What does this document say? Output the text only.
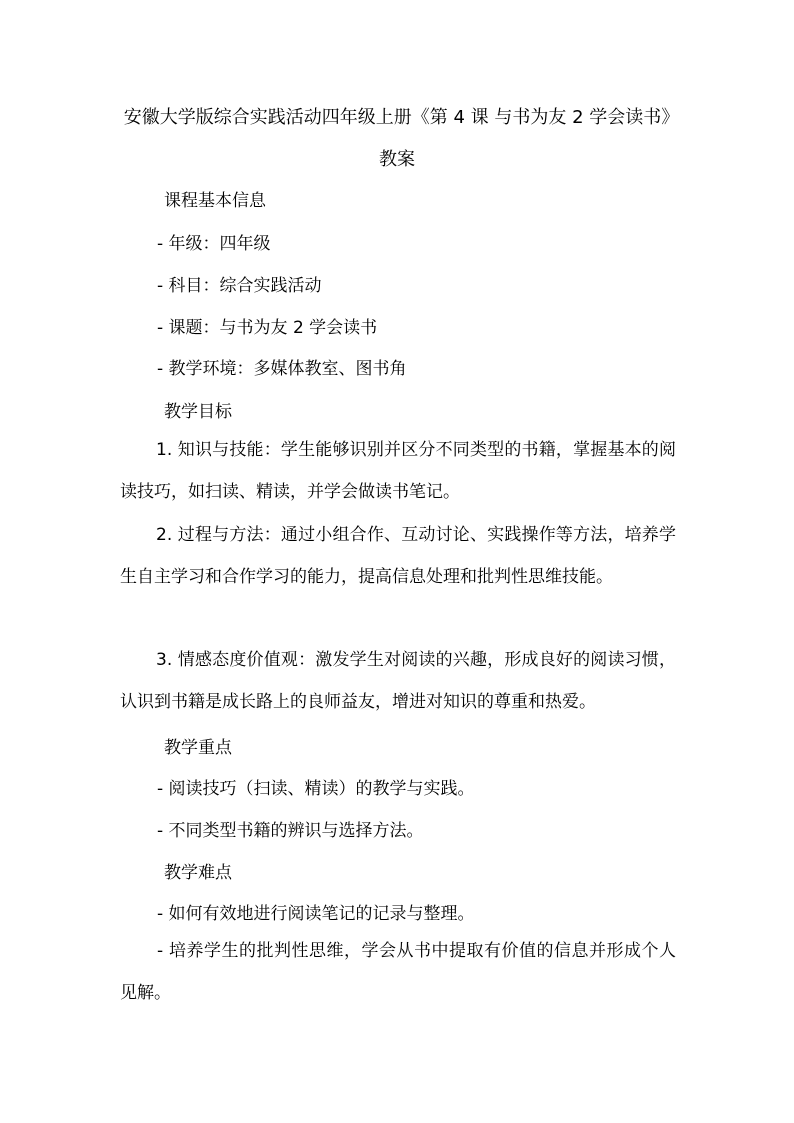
安徽大学版综合实践活动四年级上册《第 4 课 与书为友 2 学会读书》教案
课程基本信息
- 年级：四年级
- 科目：综合实践活动
- 课题：与书为友 2 学会读书
- 教学环境：多媒体教室、图书角
教学目标
1. 知识与技能：学生能够识别并区分不同类型的书籍，掌握基本的阅读技巧，如扫读、精读，并学会做读书笔记。
2. 过程与方法：通过小组合作、互动讨论、实践操作等方法，培养学生自主学习和合作学习的能力，提高信息处理和批判性思维技能。
3. 情感态度价值观：激发学生对阅读的兴趣，形成良好的阅读习惯，认识到书籍是成长路上的良师益友，增进对知识的尊重和热爱。
教学重点
- 阅读技巧（扫读、精读）的教学与实践。
- 不同类型书籍的辨识与选择方法。
教学难点
- 如何有效地进行阅读笔记的记录与整理。
- 培养学生的批判性思维，学会从书中提取有价值的信息并形成个人见解。
